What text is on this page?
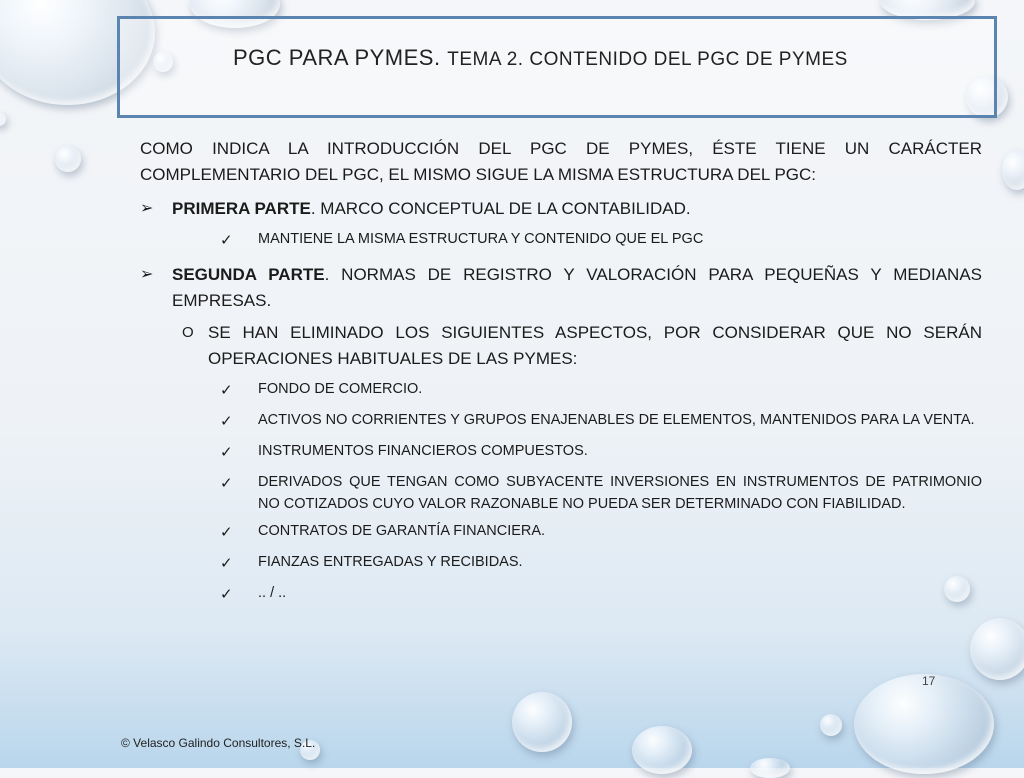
PGC PARA PYMES. TEMA 2. CONTENIDO DEL PGC DE PYMES

COMO INDICA LA INTRODUCCIÓN DEL PGC DE PYMES, ÉSTE TIENE UN CARÁCTER COMPLEMENTARIO DEL PGC, EL MISMO SIGUE LA MISMA ESTRUCTURA DEL PGC:

➢	PRIMERA PARTE. MARCO CONCEPTUAL DE LA CONTABILIDAD.
✓	MANTIENE LA MISMA ESTRUCTURA Y CONTENIDO QUE EL PGC
➢	SEGUNDA PARTE. NORMAS DE REGISTRO Y VALORACIÓN PARA PEQUEÑAS Y MEDIANAS EMPRESAS.
O SE HAN ELIMINADO LOS SIGUIENTES ASPECTOS, POR CONSIDERAR QUE NO SERÁN OPERACIONES HABITUALES DE LAS PYMES:
✓	FONDO DE COMERCIO.
✓	ACTIVOS NO CORRIENTES Y GRUPOS ENAJENABLES DE ELEMENTOS, MANTENIDOS PARA LA VENTA.
✓	INSTRUMENTOS FINANCIEROS COMPUESTOS.
✓	DERIVADOS QUE TENGAN COMO SUBYACENTE INVERSIONES EN INSTRUMENTOS DE PATRIMONIO NO COTIZADOS CUYO VALOR RAZONABLE NO PUEDA SER DETERMINADO CON FIABILIDAD.
✓	CONTRATOS DE GARANTÍA FINANCIERA.
✓	FIANZAS ENTREGADAS Y RECIBIDAS.
✓	.. / ..
17
© Velasco Galindo Consultores, S.L.
